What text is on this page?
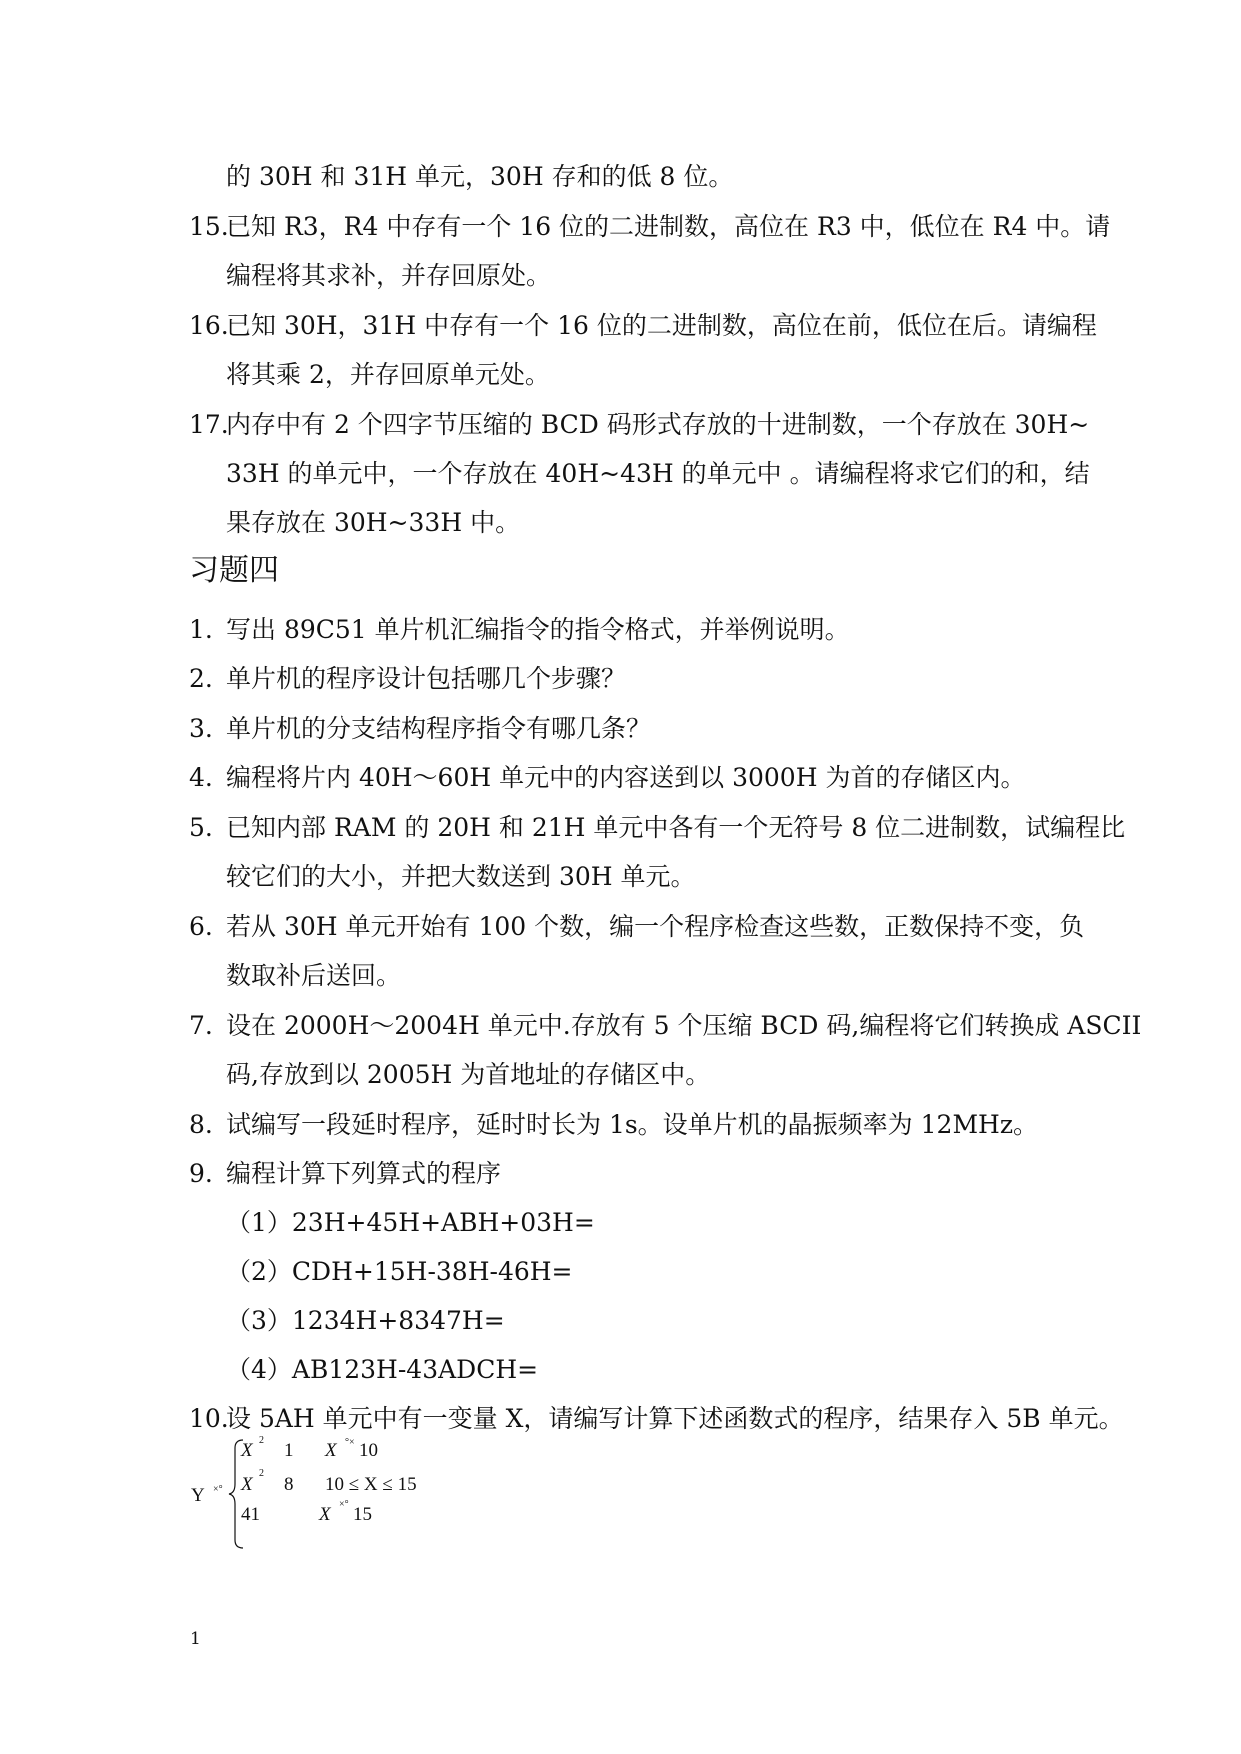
的 30H 和 31H 单元，30H 存和的低 8 位。
15.
已知 R3，R4 中存有一个 16 位的二进制数，高位在 R3 中，低位在 R4 中。请
编程将其求补，并存回原处。
16.
已知 30H，31H 中存有一个 16 位的二进制数，高位在前，低位在后。请编程
将其乘 2，并存回原单元处。
17.
内存中有 2 个四字节压缩的 BCD 码形式存放的十进制数，一个存放在 30H~
33H 的单元中，一个存放在 40H~43H 的单元中 。请编程将求它们的和，结
果存放在 30H~33H 中。
习题四
1. 写出 89C51 单片机汇编指令的指令格式，并举例说明。
2. 单片机的程序设计包括哪几个步骤？
3. 单片机的分支结构程序指令有哪几条？
4. 编程将片内 40H～60H 单元中的内容送到以 3000H 为首的存储区内。
5. 已知内部 RAM 的 20H 和 21H 单元中各有一个无符号 8 位二进制数，试编程比
较它们的大小，并把大数送到 30H 单元。
6. 若从 30H 单元开始有 100 个数，编一个程序检查这些数，正数保持不变，负
数取补后送回。
7. 设在 2000H～2004H 单元中.存放有 5 个压缩 BCD 码,编程将它们转换成 ASCII
码,存放到以 2005H 为首地址的存储区中。
8. 试编写一段延时程序，延时时长为 1s。设单片机的晶振频率为 12MHz。
9. 编程计算下列算式的程序
（1）23H+45H+ABH+03H=
（2）CDH+15H-38H-46H=
（3）1234H+8347H=
（4）AB123H-43ADCH=
10.
设 5AH 单元中有一变量 X，请编写计算下述函数式的程序，结果存入 5B 单元。
Y ×°
X 2 1 X °× 10
X
2
8 10 ≤ X ≤ 15
41	X ×° 15
1
